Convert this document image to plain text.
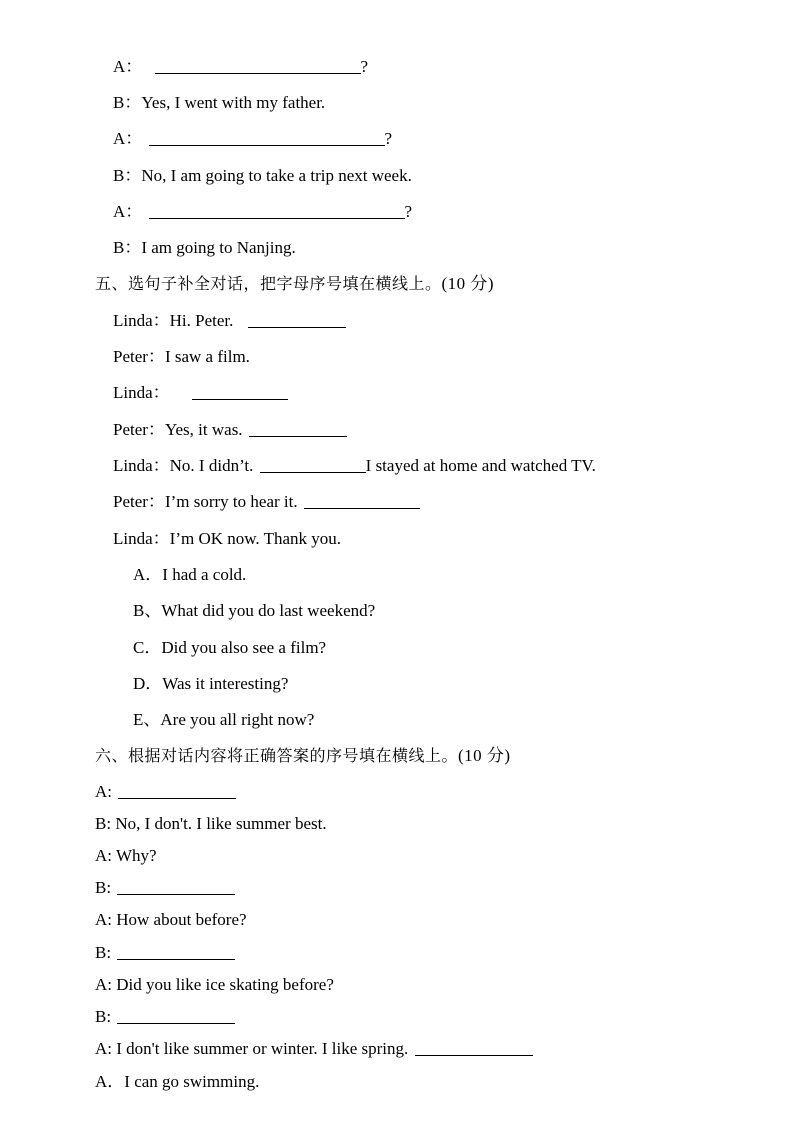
A：	?
B：Yes, I went with my father.
A：	?
B：No, I am going to take a trip next week.
A：	?
B：I am going to Nanjing.
五、选句子补全对话，把字母序号填在横线上。(10 分)
Linda：Hi. Peter.
Peter：I saw a film.
Linda：
Peter：Yes, it was.
Linda：No. I didn’t.	I stayed at home and watched TV.
Peter：I’m sorry to hear it.
Linda：I’m OK now. Thank you.
A．I had a cold.
B、What did you do last weekend?
C．Did you also see a film?
D．Was it interesting?
E、Are you all right now?
六、根据对话内容将正确答案的序号填在横线上。(10 分)
A:
B: No, I don't. I like summer best.
A: Why?
B:
A: How about before?
B:
A: Did you like ice skating before?
B:
A: I don't like summer or winter. I like spring.
A．I can go swimming.
